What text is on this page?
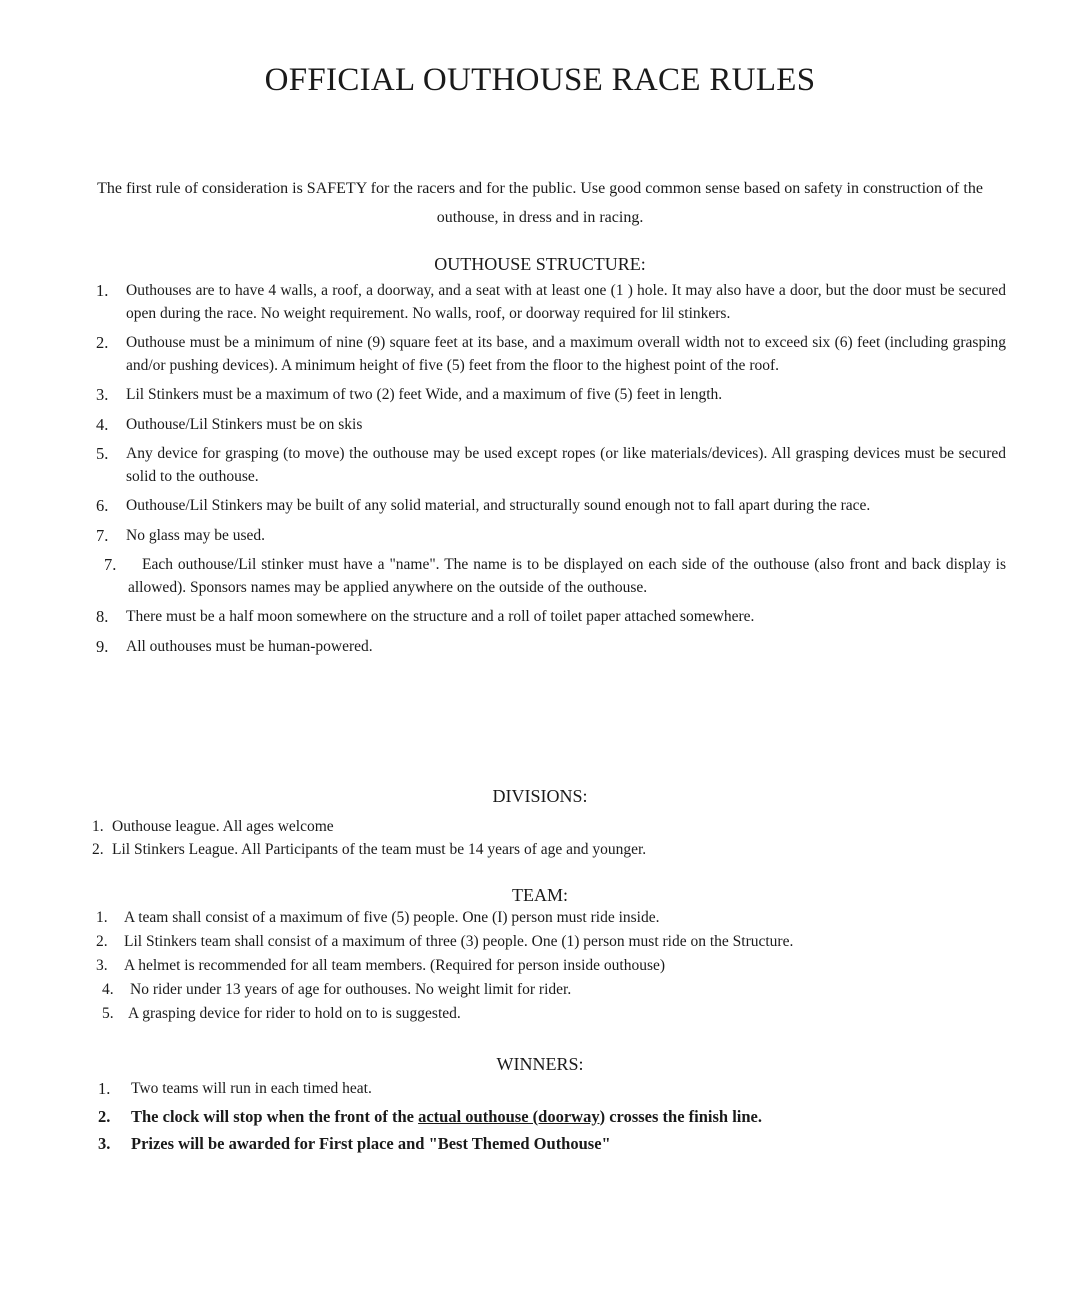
OFFICIAL OUTHOUSE RACE RULES
The first rule of consideration is SAFETY for the racers and for the public. Use good common sense based on safety in construction of the outhouse, in dress and in racing.
OUTHOUSE STRUCTURE:
1. Outhouses are to have 4 walls, a roof, a doorway, and a seat with at least one (1 ) hole. It may also have a door, but the door must be secured open during the race. No weight requirement. No walls, roof, or doorway required for lil stinkers.
2. Outhouse must be a minimum of nine (9) square feet at its base, and a maximum overall width not to exceed six (6) feet (including grasping and/or pushing devices). A minimum height of five (5) feet from the floor to the highest point of the roof.
3. Lil Stinkers must be a maximum of two (2) feet Wide, and a maximum of five (5) feet in length.
4. Outhouse/Lil Stinkers must be on skis
5. Any device for grasping (to move) the outhouse may be used except ropes (or like materials/devices). All grasping devices must be secured solid to the outhouse.
6. Outhouse/Lil Stinkers may be built of any solid material, and structurally sound enough not to fall apart during the race.
7. No glass may be used.
7.	Each outhouse/Lil stinker must have a "name". The name is to be displayed on each side of the outhouse (also front and back display is allowed). Sponsors names may be applied anywhere on the outside of the outhouse.
8. There must be a half moon somewhere on the structure and a roll of toilet paper attached somewhere.
9. All outhouses must be human-powered.
DIVISIONS:
1. Outhouse league. All ages welcome
2. Lil Stinkers League. All Participants of the team must be 14 years of age and younger.
TEAM:
1. A team shall consist of a maximum of five (5) people. One (I) person must ride inside.
2. Lil Stinkers team shall consist of a maximum of three (3) people. One (1) person must ride on the Structure.
3. A helmet is recommended for all team members. (Required for person inside outhouse)
4. No rider under 13 years of age for outhouses. No weight limit for rider.
5. A grasping device for rider to hold on to is suggested.
WINNERS:
1. Two teams will run in each timed heat.
2. The clock will stop when the front of the actual outhouse (doorway) crosses the finish line.
3. Prizes will be awarded for First place and "Best Themed Outhouse"
